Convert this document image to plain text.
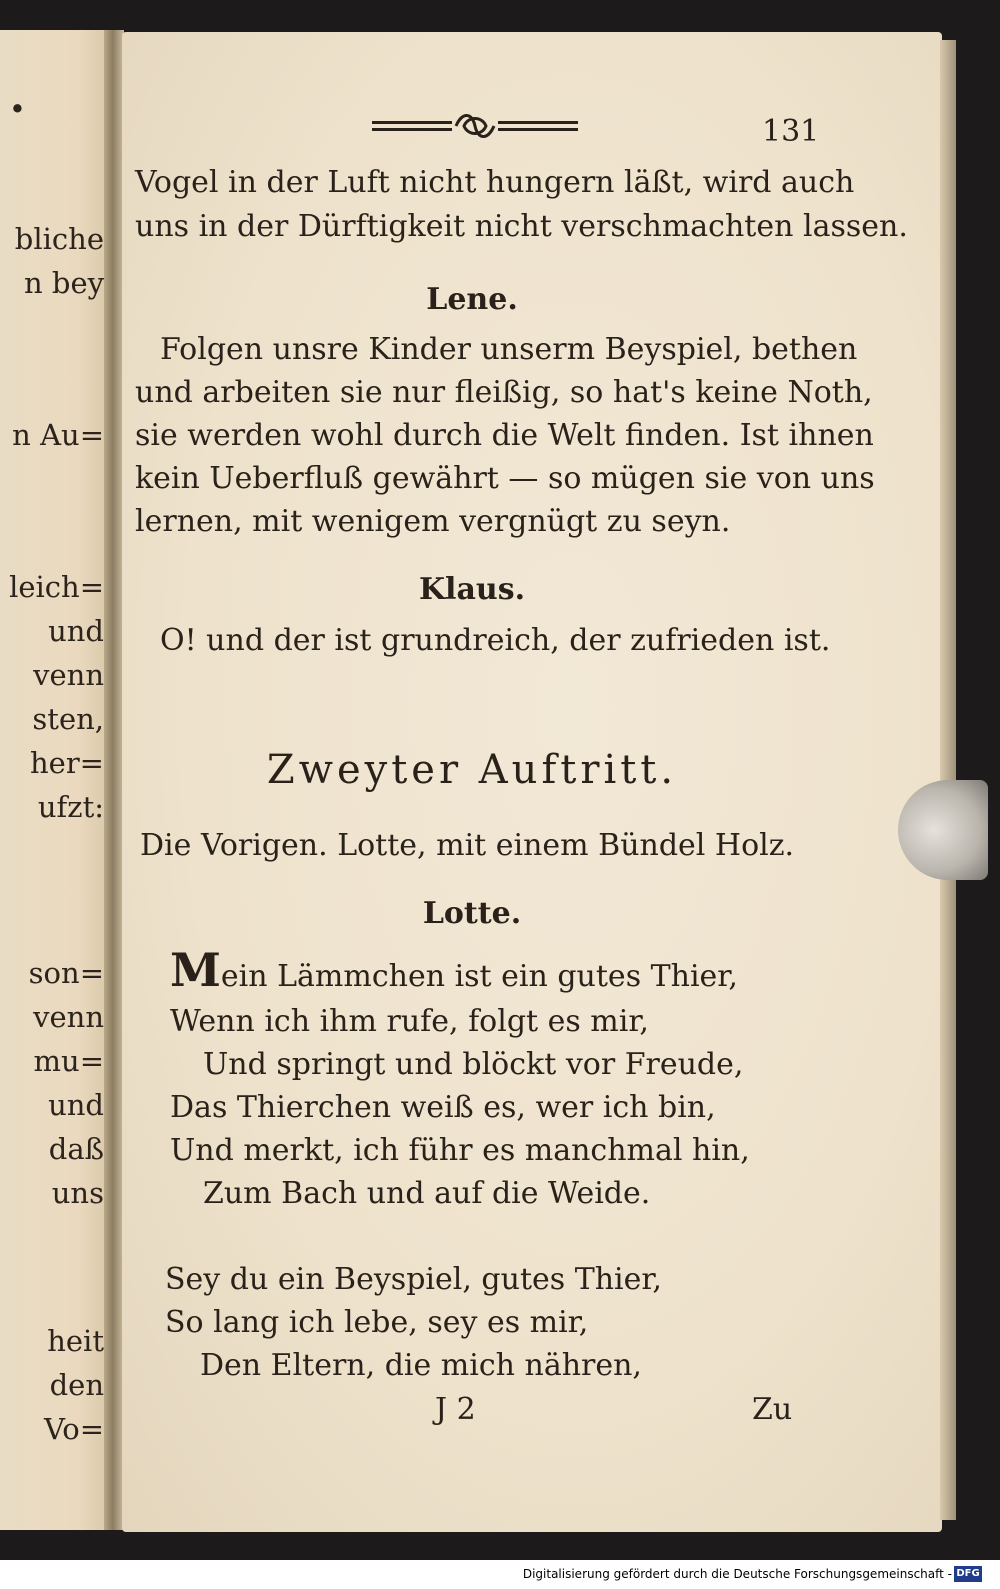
•
bliche
n bey
n Au=
leich=
und
venn
sten,
her=
ufzt:
son=
venn
mu=
und
daß
uns
heit
den
Vo=
131
Vogel in der Luft nicht hungern läßt, wird auch
uns in der Dürftigkeit nicht verschmachten lassen.
Lene.
Folgen unsre Kinder unserm Beyspiel, bethen
und arbeiten sie nur fleißig, so hat's keine Noth,
sie werden wohl durch die Welt finden. Ist ihnen
kein Ueberfluß gewährt — so mügen sie von uns
lernen, mit wenigem vergnügt zu seyn.
Klaus.
O! und der ist grundreich, der zufrieden ist.
Zweyter Auftritt.
Die Vorigen. Lotte, mit einem Bündel Holz.
Lotte.
Mein Lämmchen ist ein gutes Thier,
Wenn ich ihm rufe, folgt es mir,
Und springt und blöckt vor Freude,
Das Thierchen weiß es, wer ich bin,
Und merkt, ich führ es manchmal hin,
Zum Bach und auf die Weide.
Sey du ein Beyspiel, gutes Thier,
So lang ich lebe, sey es mir,
Den Eltern, die mich nähren,
J 2	Zu
Digitalisierung gefördert durch die Deutsche Forschungsgemeinschaft - DFG
